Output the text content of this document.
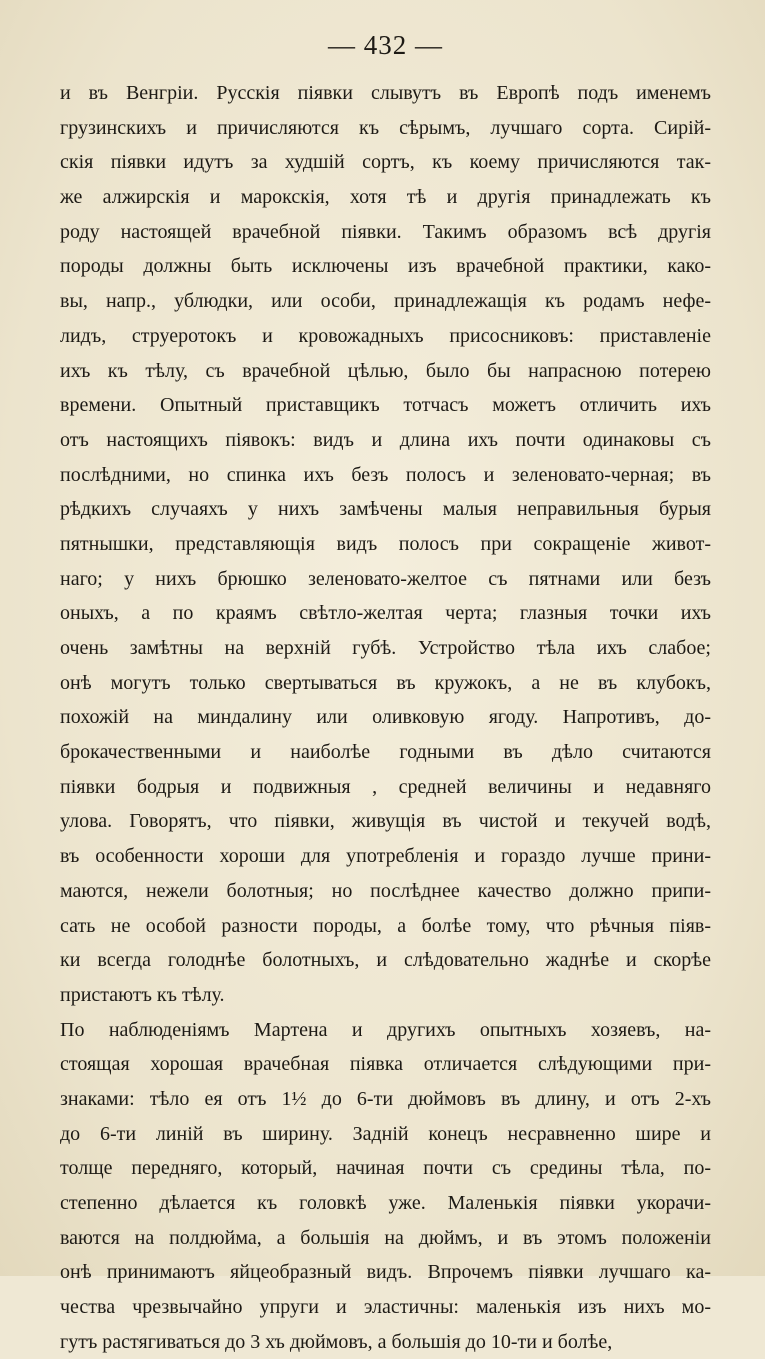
— 432 —
и въ Венгріи. Русскія піявки слывутъ въ Европѣ подъ именемъ
грузинскихъ и причисляются къ сѣрымъ, лучшаго сорта. Сирій-
скія піявки идутъ за худшій сортъ, къ коему причисляются так-
же алжирскія и марокскія, хотя тѣ и другія принадлежать къ
роду настоящей врачебной піявки. Такимъ образомъ всѣ другія
породы должны быть исключены изъ врачебной практики, како-
вы, напр., ублюдки, или особи, принадлежащія къ родамъ нефе-
лидъ, струеротокъ и кровожадныхъ присосниковъ: приставленіе
ихъ къ тѣлу, съ врачебной цѣлью, было бы напрасною потерею
времени. Опытный приставщикъ тотчасъ можетъ отличить ихъ
отъ настоящихъ піявокъ: видъ и длина ихъ почти одинаковы съ
послѣдними, но спинка ихъ безъ полосъ и зеленовато-черная; въ
рѣдкихъ случаяхъ у нихъ замѣчены малыя неправильныя бурыя
пятнышки, представляющія видъ полосъ при сокращеніе живот-
наго; у нихъ брюшко зеленовато-желтое съ пятнами или безъ
оныхъ, а по краямъ свѣтло-желтая черта; глазныя точки ихъ
очень замѣтны на верхній губѣ. Устройство тѣла ихъ слабое;
онѣ могутъ только свертываться въ кружокъ, а не въ клубокъ,
похожій на миндалину или оливковую ягоду. Напротивъ, до-
брокачественными и наиболѣе годными въ дѣло считаются
піявки бодрыя и подвижныя , средней величины и недавняго
улова. Говорятъ, что піявки, живущія въ чистой и текучей водѣ,
въ особенности хороши для употребленія и гораздо лучше прини-
маются, нежели болотныя; но послѣднее качество должно припи-
сать не особой разности породы, а болѣе тому, что рѣчныя піяв-
ки всегда голоднѣе болотныхъ, и слѣдовательно жаднѣе и скорѣе
пристаютъ къ тѣлу.
По наблюденіямъ Мартена и другихъ опытныхъ хозяевъ, на-
стоящая хорошая врачебная піявка отличается слѣдующими при-
знаками: тѣло ея отъ 1½ до 6-ти дюймовъ въ длину, и отъ 2-хъ
до 6-ти линій въ ширину. Задній конецъ несравненно шире и
толще передняго, который, начиная почти съ средины тѣла, по-
степенно дѣлается къ головкѣ уже. Маленькія піявки укорачи-
ваются на полдюйма, а большія на дюймъ, и въ этомъ положеніи
онѣ принимаютъ яйцеобразный видъ. Впрочемъ піявки лучшаго ка-
чества чрезвычайно упруги и эластичны: маленькія изъ нихъ мо-
гутъ растягиваться до 3 хъ дюймовъ, а большія до 10-ти и болѣе,
